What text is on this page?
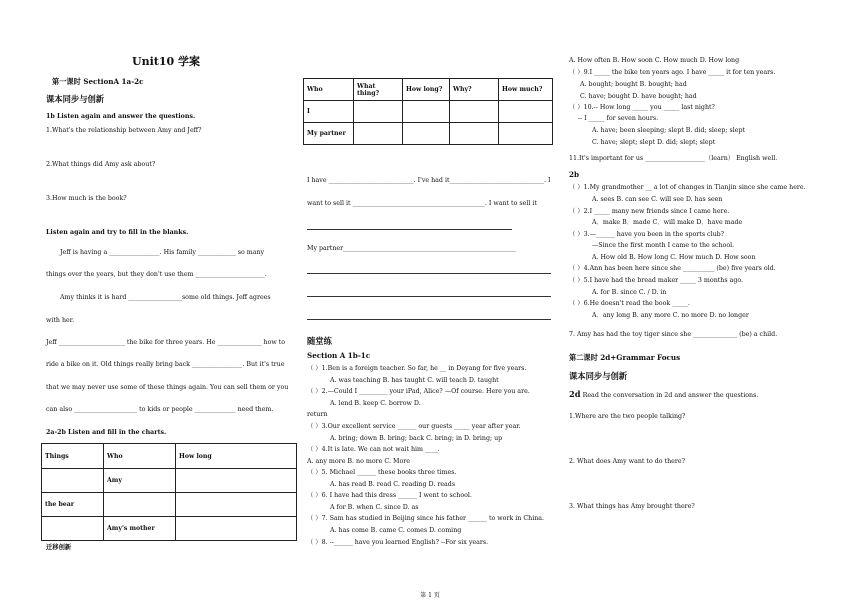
Unit10 学案
第一课时 SectionA 1a-2c
课本同步与创新
1b Listen again and answer the questions.
1.What's the relationship between Amy and Jeff?
2.What things did Amy ask about?
3.How much is the book?
Listen again and try to fill in the blanks.
Jeff is having a ________________. His family ____________ so many
things over the years, but they don't use them ______________________.
Amy thinks it is hard _________________some old things. Jeff agrees
with her.
Jeff _____________________ the bike for three years. He ______________ how to
ride a bike on it. Old things really bring back ________________. But it's true
that we may never use some of these things again. You can sell them or you
can also ____________________ to kids or people _____________ need them.
2a-2b Listen and fill in the charts.
Things	Who	How long
	Amy	
the bear		
	Amy's mother	
迁移创新
Who	What thing?	How long?	Why?	How much?
I				
My partner				
I have ___________________________. I've had it______________________________. I
want to sell it __________________________________________. I want to sell it
My partner_______________________________________________________
随堂练
Section A 1b-1c
（ ）1.Ben is a foreign teacher. So far, he __ in Deyang for five years.
A. was teaching B. has taught C. will teach D. taught
（ ）2.—Could I _________ your iPad, Alice? —Of course. Here you are.
A. lend B. keep C. borrow D.
return
（ ）3.Our excellent service ______ our guests _____ year after year.
A. bring; down B. bring; back C. bring; in D. bring; up
（ ）4.It is late. We can not wait him ____.
A. any more B. no more C. More
（ ）5. Michael ______ these books three times.
A. has read B. read C. reading D. reads
（ ）6. I have had this dress ______ I went to school.
A for B. when C. since D. as
（ ）7. Sam has studied in Beijing since his father ______ to work in China.
A. has come B. came C. comes D. coming
（ ）8. --______ have you learned English? --For six years.
A. How often B. How soon C. How much D. How long
（ ）9.I _____ the bike ten years ago. I have _____ it for ten years.
A. bought; bought B. bought; had
C. have; bought D. have bought; had
（ ）10.-- How long _____ you _____ last night?
-- I _____ for seven hours.
A. have; been sleeping; slept B. did; sleep; slept
C. have; slept; slept D. did; slept; slept
11.It's important for us ___________________（learn） English well.
2b
（ ）1.My grandmother __ a lot of changes in Tianjin since she came here.
A. sees B. can see C. will see D. has seen
（ ）2.I _____ many new friends since I came here.
A．make B．made C．will make D．have made
（ ）3.—______ have you been in the sports club?
—Since the first month I came to the school.
A. How old B. How long C. How much D. How soon
（ ）4.Ann has been here since she __________ (be) five years old.
（ ）5.I have had the bread maker _____ 3 months ago.
A. for B. since C. / D. in
（ ）6.He doesn't read the book _____.
A．any long B. any more C. no more D. no longer
7. Amy has had the toy tiger since she ______________ (be) a child.
第二课时 2d+Grammar Focus
课本同步与创新
2d Read the conversation in 2d and answer the questions.
1.Where are the two people talking?
2. What does Amy want to do there?
3. What things has Amy brought there?
第 1 页
